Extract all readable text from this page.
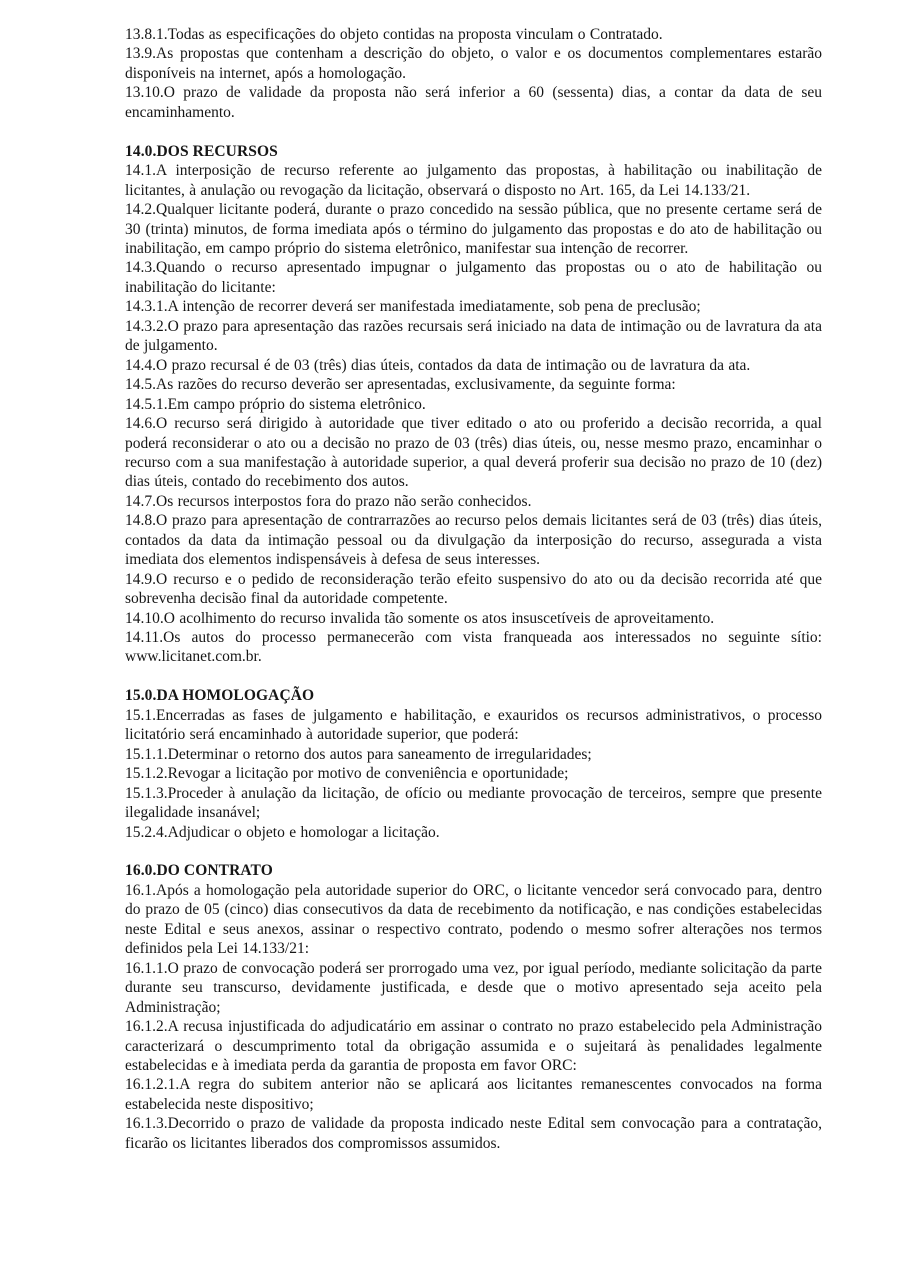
13.8.1.Todas as especificações do objeto contidas na proposta vinculam o Contratado.

13.9.As propostas que contenham a descrição do objeto, o valor e os documentos complementares estarão disponíveis na internet, após a homologação.

13.10.O prazo de validade da proposta não será inferior a 60 (sessenta) dias, a contar da data de seu encaminhamento.

14.0.DOS RECURSOS

14.1.A interposição de recurso referente ao julgamento das propostas, à habilitação ou inabilitação de licitantes, à anulação ou revogação da licitação, observará o disposto no Art. 165, da Lei 14.133/21.

14.2.Qualquer licitante poderá, durante o prazo concedido na sessão pública, que no presente certame será de 30 (trinta) minutos, de forma imediata após o término do julgamento das propostas e do ato de habilitação ou inabilitação, em campo próprio do sistema eletrônico, manifestar sua intenção de recorrer.

14.3.Quando o recurso apresentado impugnar o julgamento das propostas ou o ato de habilitação ou inabilitação do licitante:

14.3.1.A intenção de recorrer deverá ser manifestada imediatamente, sob pena de preclusão;

14.3.2.O prazo para apresentação das razões recursais será iniciado na data de intimação ou de lavratura da ata de julgamento.

14.4.O prazo recursal é de 03 (três) dias úteis, contados da data de intimação ou de lavratura da ata.

14.5.As razões do recurso deverão ser apresentadas, exclusivamente, da seguinte forma:

14.5.1.Em campo próprio do sistema eletrônico.

14.6.O recurso será dirigido à autoridade que tiver editado o ato ou proferido a decisão recorrida, a qual poderá reconsiderar o ato ou a decisão no prazo de 03 (três) dias úteis, ou, nesse mesmo prazo, encaminhar o recurso com a sua manifestação à autoridade superior, a qual deverá proferir sua decisão no prazo de 10 (dez) dias úteis, contado do recebimento dos autos.

14.7.Os recursos interpostos fora do prazo não serão conhecidos.

14.8.O prazo para apresentação de contrarrazões ao recurso pelos demais licitantes será de 03 (três) dias úteis, contados da data da intimação pessoal ou da divulgação da interposição do recurso, assegurada a vista imediata dos elementos indispensáveis à defesa de seus interesses.

14.9.O recurso e o pedido de reconsideração terão efeito suspensivo do ato ou da decisão recorrida até que sobrevenha decisão final da autoridade competente.

14.10.O acolhimento do recurso invalida tão somente os atos insuscetíveis de aproveitamento.

14.11.Os autos do processo permanecerão com vista franqueada aos interessados no seguinte sítio: www.licitanet.com.br.

15.0.DA HOMOLOGAÇÃO

15.1.Encerradas as fases de julgamento e habilitação, e exauridos os recursos administrativos, o processo licitatório será encaminhado à autoridade superior, que poderá:

15.1.1.Determinar o retorno dos autos para saneamento de irregularidades;

15.1.2.Revogar a licitação por motivo de conveniência e oportunidade;

15.1.3.Proceder à anulação da licitação, de ofício ou mediante provocação de terceiros, sempre que presente ilegalidade insanável;

15.2.4.Adjudicar o objeto e homologar a licitação.

16.0.DO CONTRATO

16.1.Após a homologação pela autoridade superior do ORC, o licitante vencedor será convocado para, dentro do prazo de 05 (cinco) dias consecutivos da data de recebimento da notificação, e nas condições estabelecidas neste Edital e seus anexos, assinar o respectivo contrato, podendo o mesmo sofrer alterações nos termos definidos pela Lei 14.133/21:

16.1.1.O prazo de convocação poderá ser prorrogado uma vez, por igual período, mediante solicitação da parte durante seu transcurso, devidamente justificada, e desde que o motivo apresentado seja aceito pela Administração;

16.1.2.A recusa injustificada do adjudicatário em assinar o contrato no prazo estabelecido pela Administração caracterizará o descumprimento total da obrigação assumida e o sujeitará às penalidades legalmente estabelecidas e à imediata perda da garantia de proposta em favor ORC:

16.1.2.1.A regra do subitem anterior não se aplicará aos licitantes remanescentes convocados na forma estabelecida neste dispositivo;

16.1.3.Decorrido o prazo de validade da proposta indicado neste Edital sem convocação para a contratação, ficarão os licitantes liberados dos compromissos assumidos.
